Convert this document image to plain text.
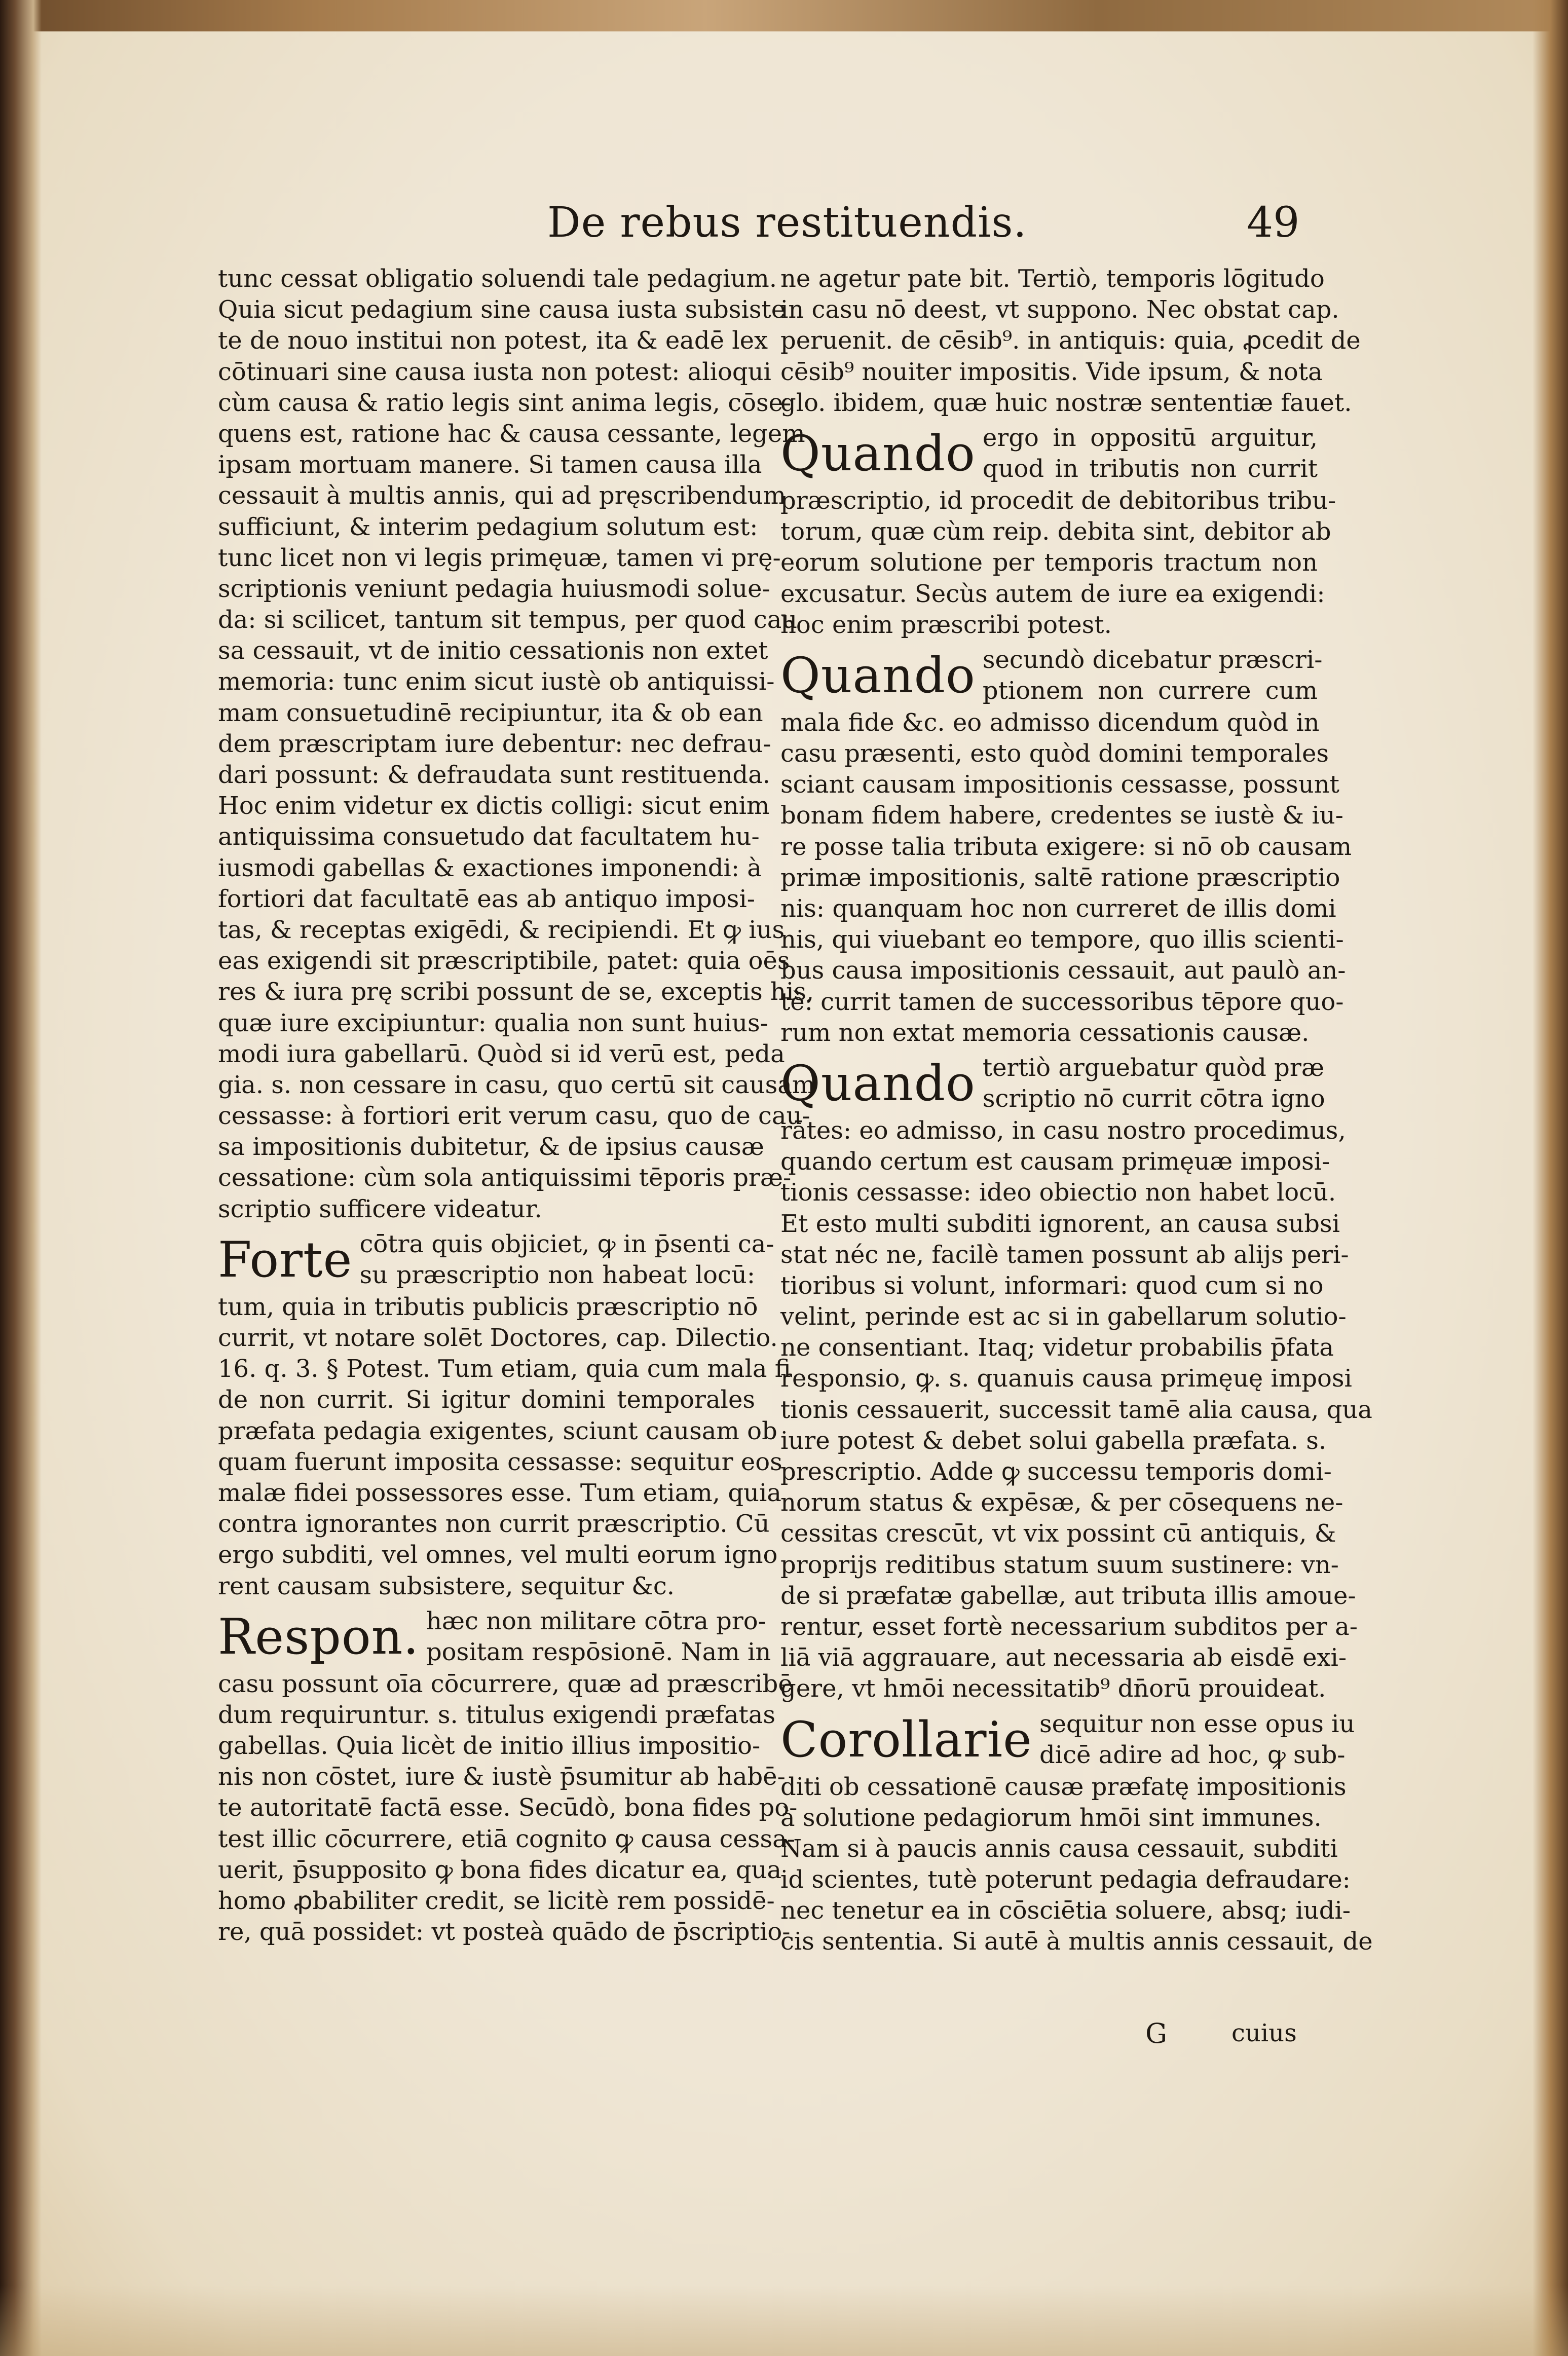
De rebus restituendis.	49
tunc cessat obligatio soluendi tale pedagium.
Quia sicut pedagium sine causa iusta subsiste
te de nouo institui non potest, ita & eadē lex
cōtinuari sine causa iusta non potest: alioqui
cùm causa & ratio legis sint anima legis, cōse-
quens est, ratione hac & causa cessante, legem
ipsam mortuam manere. Si tamen causa illa
cessauit à multis annis, qui ad pręscribendum
sufficiunt, & interim pedagium solutum est:
tunc licet non vi legis primęuæ, tamen vi prę-
scriptionis veniunt pedagia huiusmodi solue-
da: si scilicet, tantum sit tempus, per quod cau
sa cessauit, vt de initio cessationis non extet
memoria: tunc enim sicut iustè ob antiquissi-
mam consuetudinē recipiuntur, ita & ob ean
dem præscriptam iure debentur: nec defrau-
dari possunt: & defraudata sunt restituenda.
Hoc enim videtur ex dictis colligi: sicut enim
antiquissima consuetudo dat facultatem hu-
iusmodi gabellas & exactiones imponendi: à
fortiori dat facultatē eas ab antiquo imposi-
tas, & receptas exigēdi, & recipiendi. Et ꝙ ius
eas exigendi sit præscriptibile, patet: quia oēs
res & iura prę scribi possunt de se, exceptis his,
quæ iure excipiuntur: qualia non sunt huius-
modi iura gabellarū. Quòd si id verū est, peda
gia. s. non cessare in casu, quo certū sit causam
cessasse: à fortiori erit verum casu, quo de cau-
sa impositionis dubitetur, & de ipsius causæ
cessatione: cùm sola antiquissimi tēporis præ-
scriptio sufficere videatur.
Forte cōtra quis objiciet, ꝙ in p̄senti ca-
su præscriptio non habeat locū:
tum, quia in tributis publicis præscriptio nō
currit, vt notare solēt Doctores, cap. Dilectio.
16. q. 3. § Potest. Tum etiam, quia cum mala fi
de non currit. Si igitur domini temporales
præfata pedagia exigentes, sciunt causam ob
quam fuerunt imposita cessasse: sequitur eos
malæ fidei possessores esse. Tum etiam, quia
contra ignorantes non currit præscriptio. Cū
ergo subditi, vel omnes, vel multi eorum igno
rent causam subsistere, sequitur &c.
Respon. hæc non militare cōtra pro-
positam respōsionē. Nam in
casu possunt oīa cōcurrere, quæ ad præscribē
dum requiruntur. s. titulus exigendi præfatas
gabellas. Quia licèt de initio illius impositio-
nis non cōstet, iure & iustè p̄sumitur ab habē-
te autoritatē factā esse. Secūdò, bona fides po-
test illic cōcurrere, etiā cognito ꝙ causa cessa-
uerit, p̄supposito ꝙ bona fides dicatur ea, qua
homo ꝓbabiliter credit, se licitè rem possidē-
re, quā possidet: vt posteà quādo de p̄scriptio-
ne agetur pate bit. Tertiò, temporis lōgitudo
in casu nō deest, vt suppono. Nec obstat cap.
peruenit. de cēsib⁹. in antiquis: quia, ꝓcedit de
cēsib⁹ nouiter impositis. Vide ipsum, & nota
glo. ibidem, quæ huic nostræ sententiæ fauet.
Quando ergo in oppositū arguitur,
quod in tributis non currit
præscriptio, id procedit de debitoribus tribu-
torum, quæ cùm reip. debita sint, debitor ab
eorum solutione per temporis tractum non
excusatur. Secùs autem de iure ea exigendi:
hoc enim præscribi potest.
Quando secundò dicebatur præscri-
ptionem non currere cum
mala fide &c. eo admisso dicendum quòd in
casu præsenti, esto quòd domini temporales
sciant causam impositionis cessasse, possunt
bonam fidem habere, credentes se iustè & iu-
re posse talia tributa exigere: si nō ob causam
primæ impositionis, saltē ratione præscriptio
nis: quanquam hoc non curreret de illis domi
nis, qui viuebant eo tempore, quo illis scienti-
bus causa impositionis cessauit, aut paulò an-
tè: currit tamen de successoribus tēpore quo-
rum non extat memoria cessationis causæ.
Quando tertiò arguebatur quòd præ
scriptio nō currit cōtra igno
rātes: eo admisso, in casu nostro procedimus,
quando certum est causam primęuæ imposi-
tionis cessasse: ideo obiectio non habet locū.
Et esto multi subditi ignorent, an causa subsi
stat néc ne, facilè tamen possunt ab alijs peri-
tioribus si volunt, informari: quod cum si no
velint, perinde est ac si in gabellarum solutio-
ne consentiant. Itaq; videtur probabilis p̄fata
responsio, ꝙ. s. quanuis causa primęuę imposi
tionis cessauerit, successit tamē alia causa, qua
iure potest & debet solui gabella præfata. s.
prescriptio. Adde ꝙ successu temporis domi-
norum status & expēsæ, & per cōsequens ne-
cessitas crescūt, vt vix possint cū antiquis, &
proprijs reditibus statum suum sustinere: vn-
de si præfatæ gabellæ, aut tributa illis amoue-
rentur, esset fortè necessarium subditos per a-
liā viā aggrauare, aut necessaria ab eisdē exi-
gere, vt hmōi necessitatib⁹ dn̄orū prouideat.
Corollarie sequitur non esse opus iu
dicē adire ad hoc, ꝙ sub-
diti ob cessationē causæ præfatę impositionis
à solutione pedagiorum hmōi sint immunes.
Nam si à paucis annis causa cessauit, subditi
id scientes, tutè poterunt pedagia defraudare:
nec tenetur ea in cōsciētia soluere, absq; iudi-
cis sententia. Si autē à multis annis cessauit, de
G	cuius
